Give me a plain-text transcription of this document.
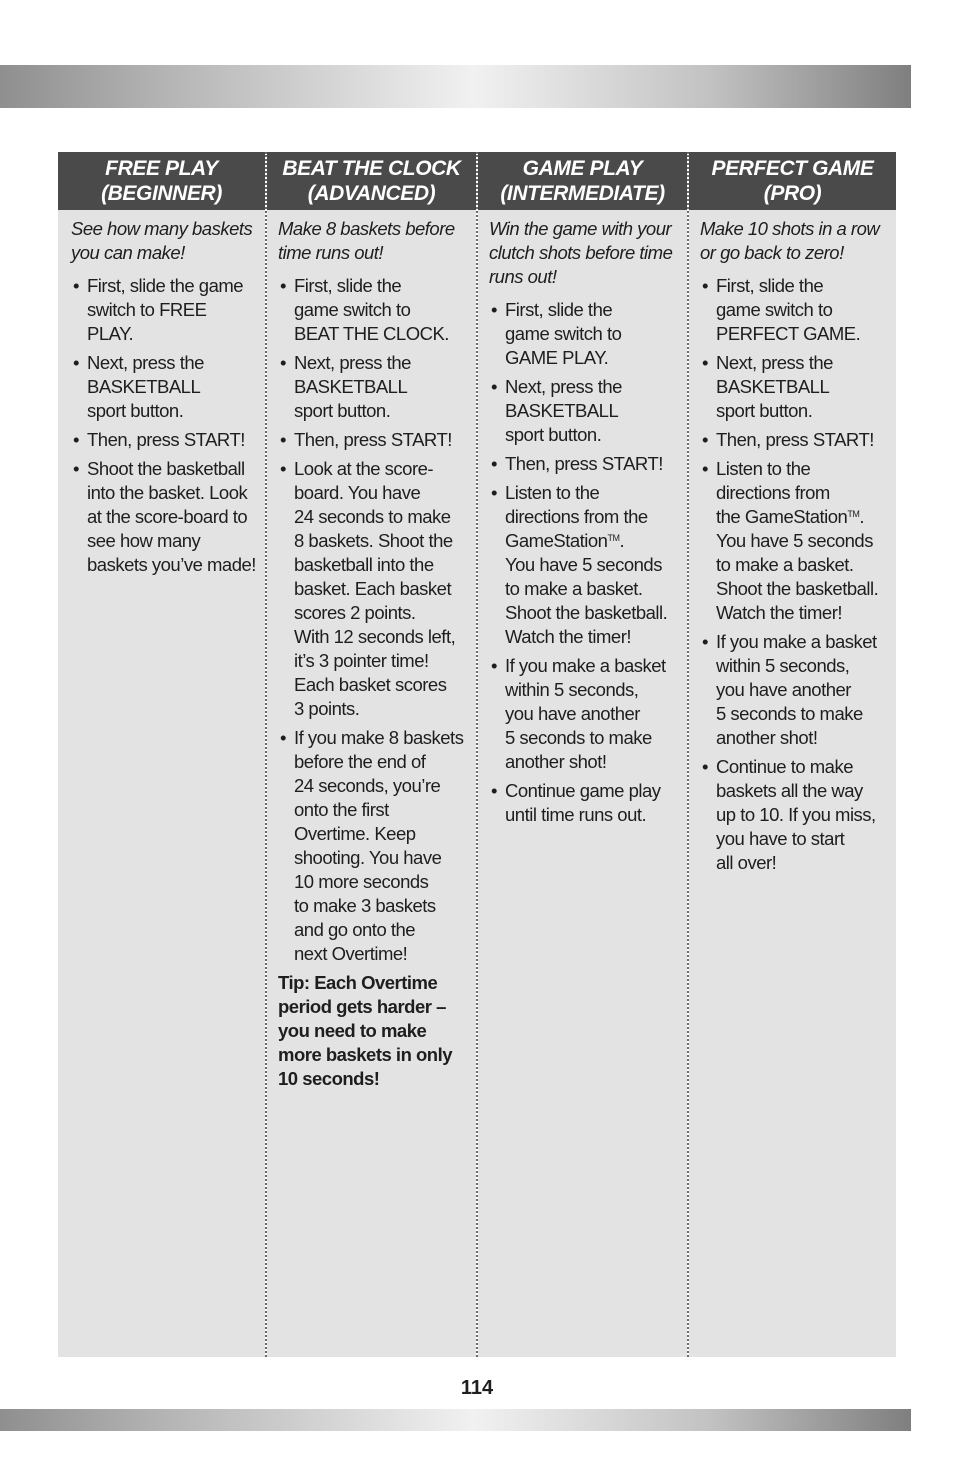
FREE PLAY
(BEGINNER)

See how many baskets you can make!

• First, slide the game switch to FREE PLAY.
• Next, press the
BASKETBALL
sport button.
• Then, press START!
• Shoot the basketball into the basket. Look at the score-board to see how many baskets you’ve made!
BEAT THE CLOCK
(ADVANCED)

Make 8 baskets before time runs out!

• First, slide the
game switch to
BEAT THE CLOCK.
• Next, press the
BASKETBALL
sport button.
• Then, press START!
• Look at the score-
board. You have
24 seconds to make
8 baskets. Shoot the
basketball into the
basket. Each basket
scores 2 points.
With 12 seconds left,
it’s 3 pointer time!
Each basket scores
3 points.
• If you make 8 baskets
before the end of
24 seconds, you’re
onto the first
Overtime. Keep
shooting. You have
10 more seconds
to make 3 baskets
and go onto the
next Overtime!
Tip: Each Overtime period gets harder – you need to make more baskets in only 10 seconds!
GAME PLAY
(INTERMEDIATE)

Win the game with your clutch shots before time runs out!

• First, slide the
game switch to
GAME PLAY.
• Next, press the
BASKETBALL
sport button.
• Then, press START!
• Listen to the
directions from the
GameStation™.
You have 5 seconds
to make a basket.
Shoot the basketball.
Watch the timer!
• If you make a basket
within 5 seconds,
you have another
5 seconds to make
another shot!
• Continue game play
until time runs out.
PERFECT GAME
(PRO)

Make 10 shots in a row or go back to zero!

• First, slide the
game switch to
PERFECT GAME.
• Next, press the
BASKETBALL
sport button.
• Then, press START!
• Listen to the
directions from
the GameStation™.
You have 5 seconds
to make a basket.
Shoot the basketball.
Watch the timer!
• If you make a basket
within 5 seconds,
you have another
5 seconds to make
another shot!
• Continue to make
baskets all the way
up to 10. If you miss,
you have to start
all over!
114
